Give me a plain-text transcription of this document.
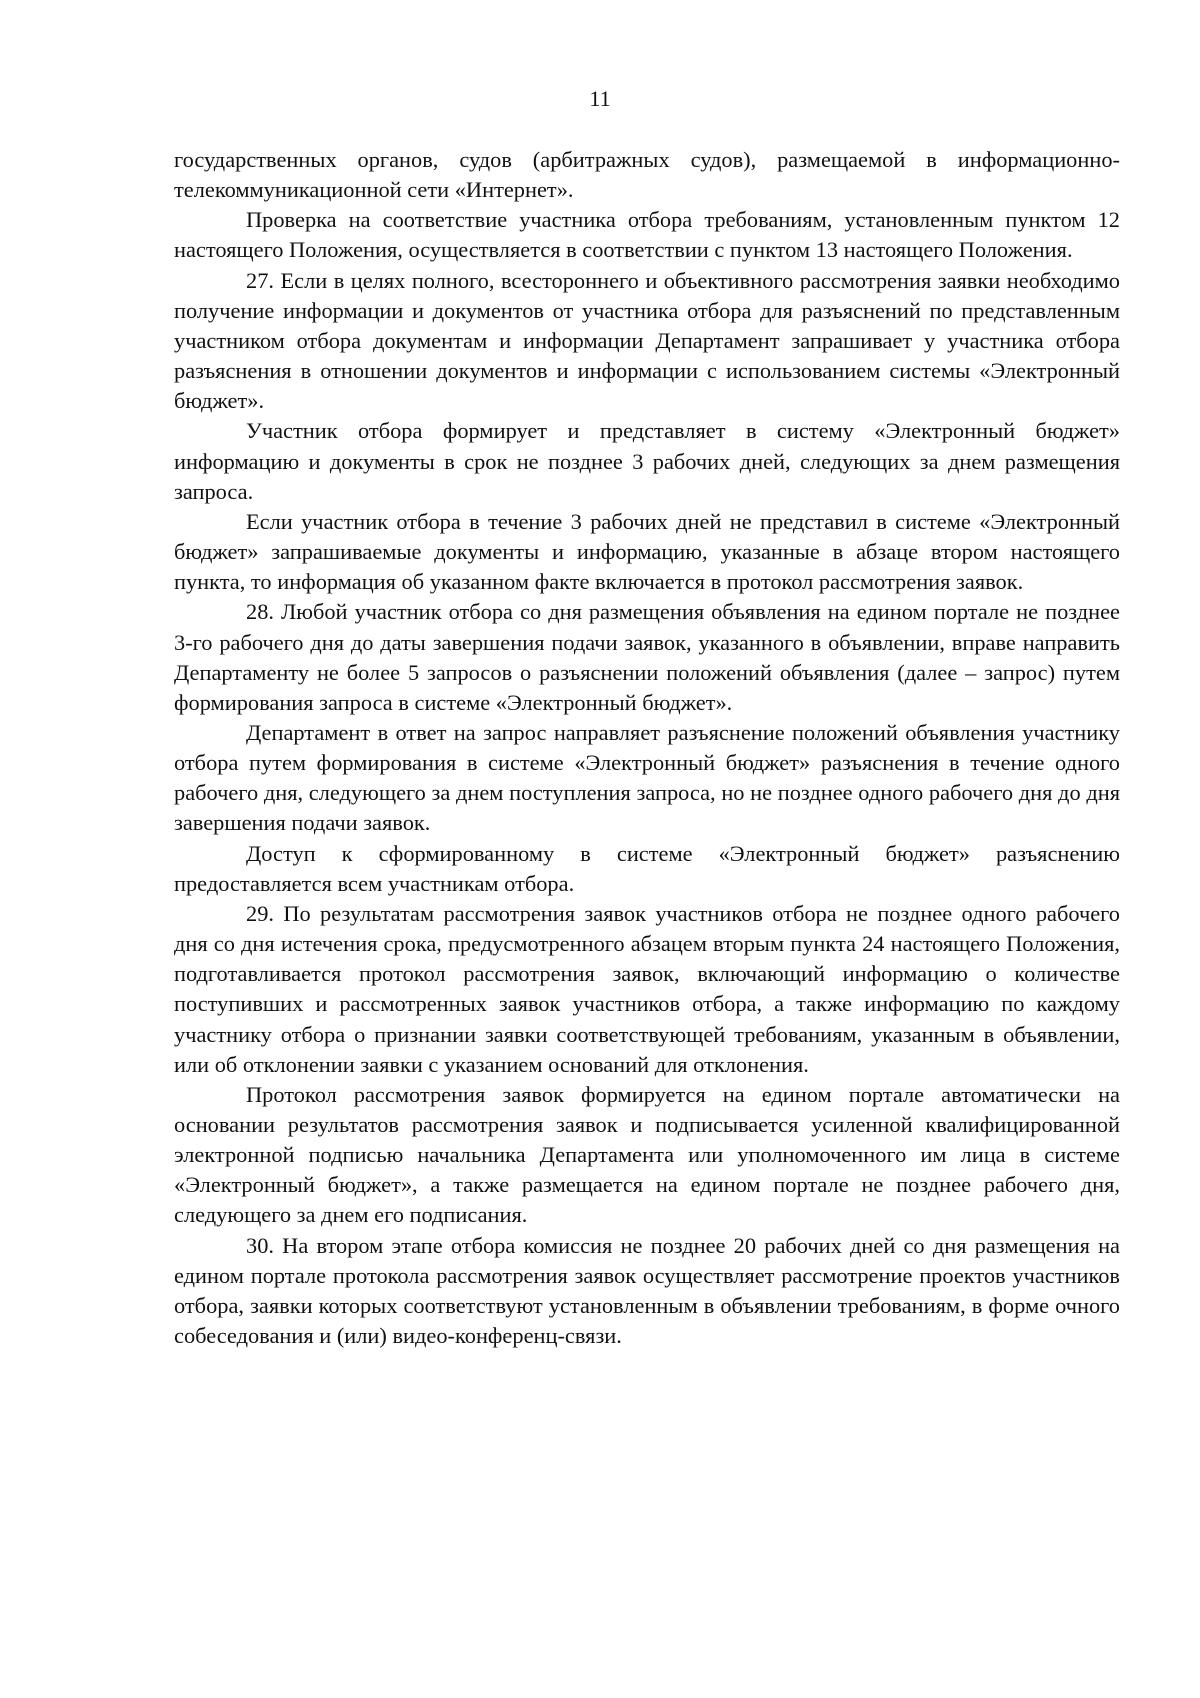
11

государственных органов, судов (арбитражных судов), размещаемой в информационно-телекоммуникационной сети «Интернет».

Проверка на соответствие участника отбора требованиям, установленным пунктом 12 настоящего Положения, осуществляется в соответствии с пунктом 13 настоящего Положения.

27. Если в целях полного, всестороннего и объективного рассмотрения заявки необходимо получение информации и документов от участника отбора для разъяснений по представленным участником отбора документам и информации Департамент запрашивает у участника отбора разъяснения в отношении документов и информации с использованием системы «Электронный бюджет».

Участник отбора формирует и представляет в систему «Электронный бюджет» информацию и документы в срок не позднее 3 рабочих дней, следующих за днем размещения запроса.

Если участник отбора в течение 3 рабочих дней не представил в системе «Электронный бюджет» запрашиваемые документы и информацию, указанные в абзаце втором настоящего пункта, то информация об указанном факте включается в протокол рассмотрения заявок.

28. Любой участник отбора со дня размещения объявления на едином портале не позднее 3-го рабочего дня до даты завершения подачи заявок, указанного в объявлении, вправе направить Департаменту не более 5 запросов о разъяснении положений объявления (далее – запрос) путем формирования запроса в системе «Электронный бюджет».

Департамент в ответ на запрос направляет разъяснение положений объявления участнику отбора путем формирования в системе «Электронный бюджет» разъяснения в течение одного рабочего дня, следующего за днем поступления запроса, но не позднее одного рабочего дня до дня завершения подачи заявок.

Доступ к сформированному в системе «Электронный бюджет» разъяснению предоставляется всем участникам отбора.

29. По результатам рассмотрения заявок участников отбора не позднее одного рабочего дня со дня истечения срока, предусмотренного абзацем вторым пункта 24 настоящего Положения, подготавливается протокол рассмотрения заявок, включающий информацию о количестве поступивших и рассмотренных заявок участников отбора, а также информацию по каждому участнику отбора о признании заявки соответствующей требованиям, указанным в объявлении, или об отклонении заявки с указанием оснований для отклонения.

Протокол рассмотрения заявок формируется на едином портале автоматически на основании результатов рассмотрения заявок и подписывается усиленной квалифицированной электронной подписью начальника Департамента или уполномоченного им лица в системе «Электронный бюджет», а также размещается на едином портале не позднее рабочего дня, следующего за днем его подписания.

30. На втором этапе отбора комиссия не позднее 20 рабочих дней со дня размещения на едином портале протокола рассмотрения заявок осуществляет рассмотрение проектов участников отбора, заявки которых соответствуют установленным в объявлении требованиям, в форме очного собеседования и (или) видео-конференц-связи.
